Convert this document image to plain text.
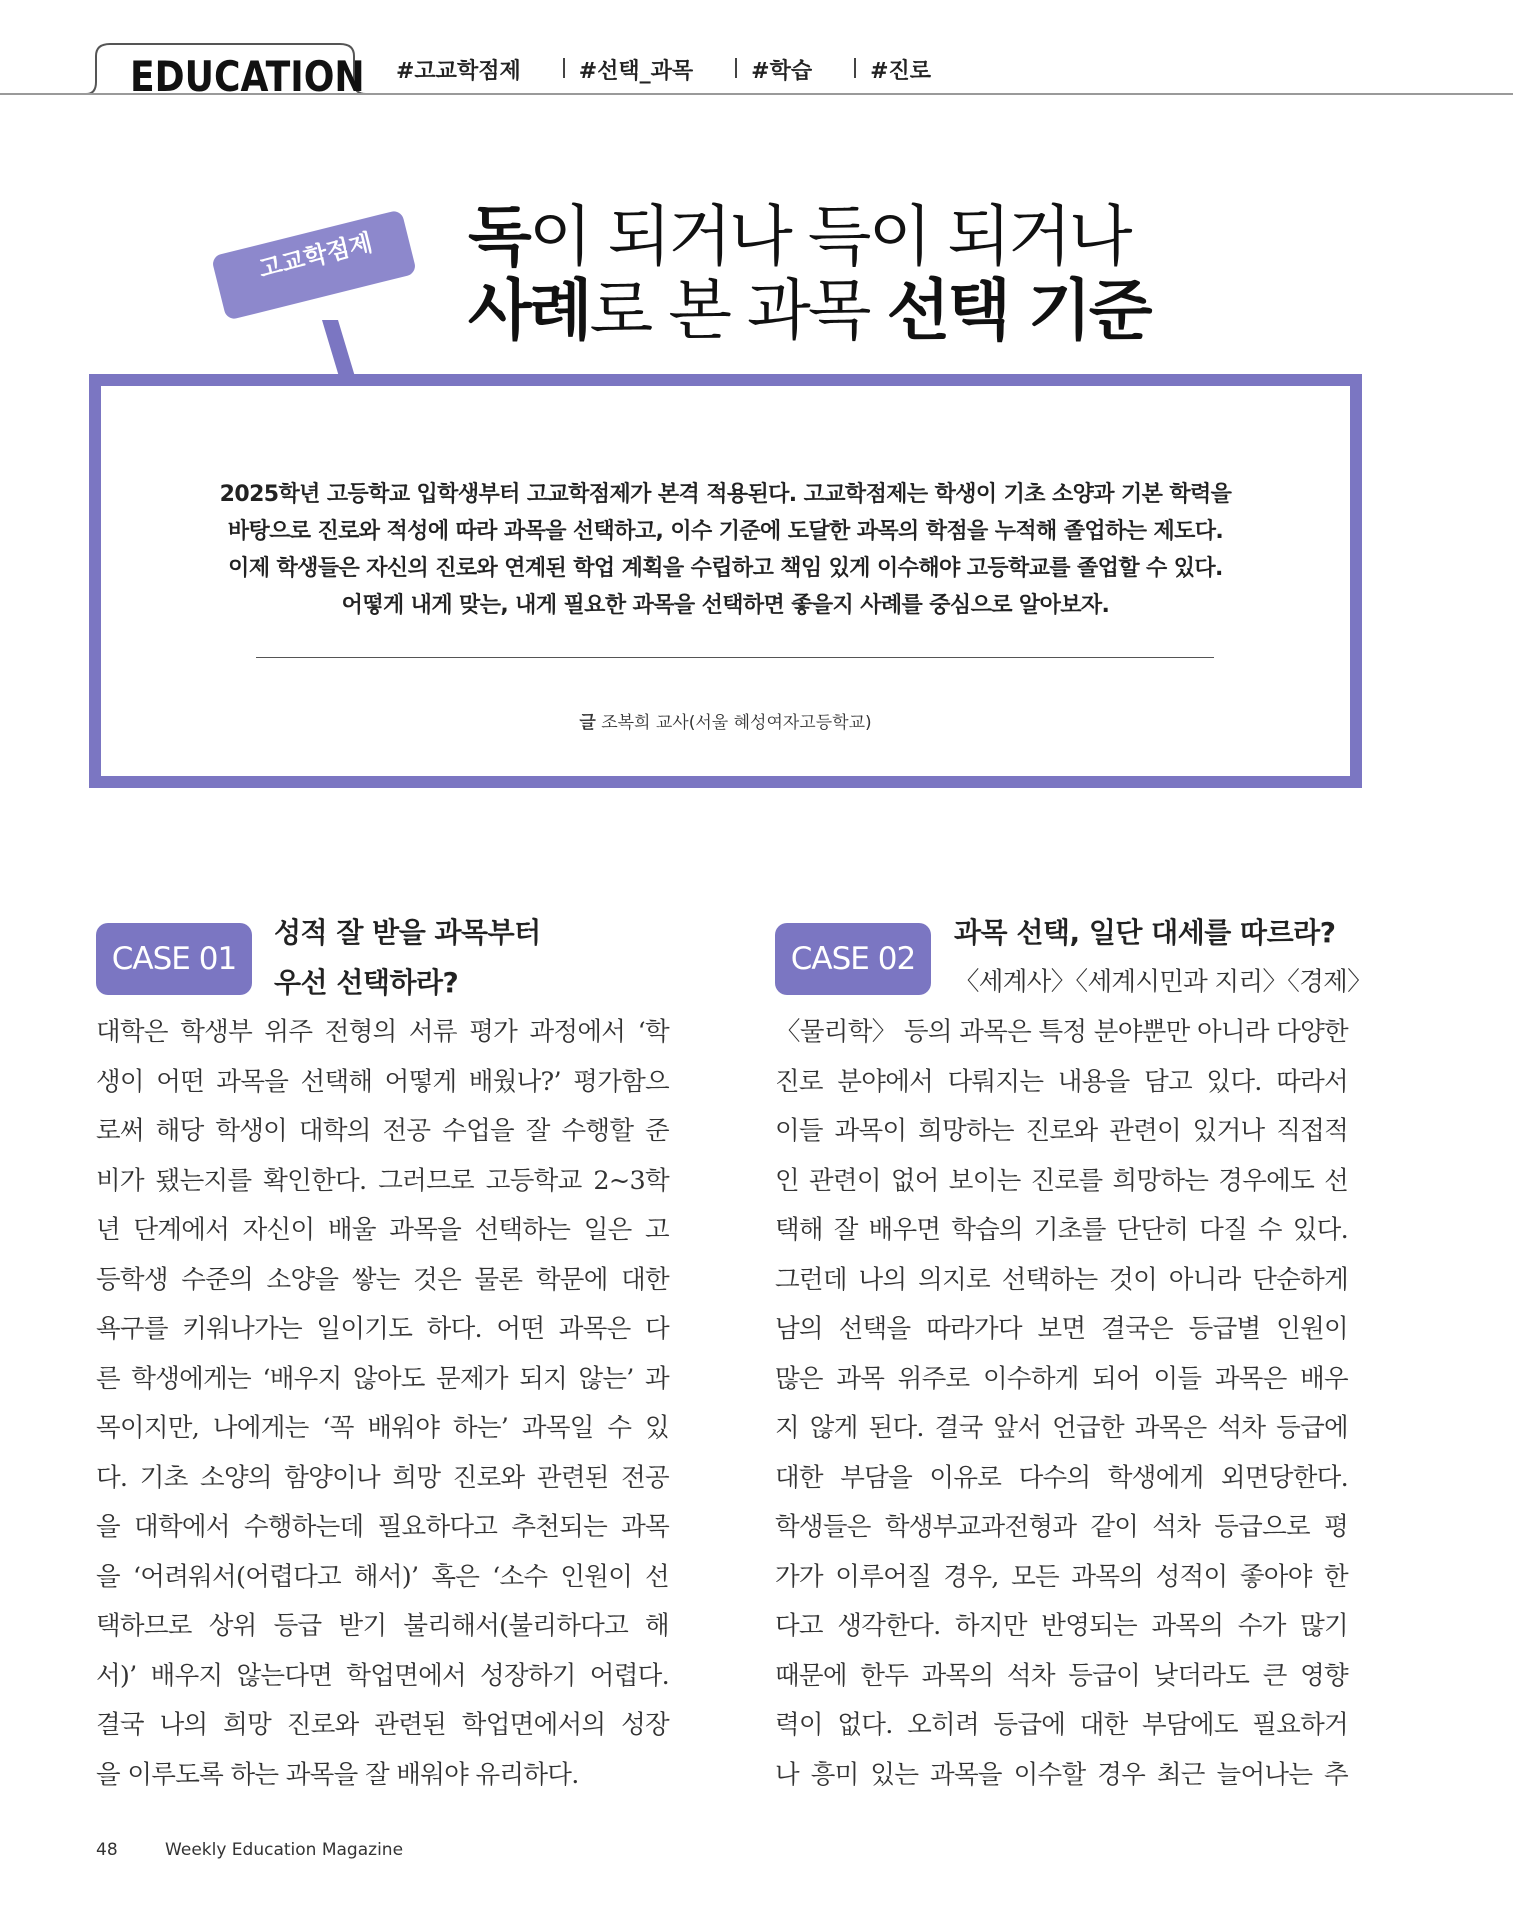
EDUCATION #고교학점제	#선택_과목	#학습	#진로
고교학점제	독이 되거나 득이 되거나
사례로 본 과목 선택 기준
2025학년 고등학교 입학생부터 고교학점제가 본격 적용된다. 고교학점제는 학생이 기초 소양과 기본 학력을
바탕으로 진로와 적성에 따라 과목을 선택하고, 이수 기준에 도달한 과목의 학점을 누적해 졸업하는 제도다.
이제 학생들은 자신의 진로와 연계된 학업 계획을 수립하고 책임 있게 이수해야 고등학교를 졸업할 수 있다.
어떻게 내게 맞는, 내게 필요한 과목을 선택하면 좋을지 사례를 중심으로 알아보자.
글 조복희 교사(서울 혜성여자고등학교)
CASE 01
성적 잘 받을 과목부터
우선 선택하라?
대학은 학생부 위주 전형의 서류 평가 과정에서 ‘학
생이 어떤 과목을 선택해 어떻게 배웠나?’ 평가함으
로써 해당 학생이 대학의 전공 수업을 잘 수행할 준
비가 됐는지를 확인한다. 그러므로 고등학교 2~3학
년 단계에서 자신이 배울 과목을 선택하는 일은 고
등학생 수준의 소양을 쌓는 것은 물론 학문에 대한
욕구를 키워나가는 일이기도 하다. 어떤 과목은 다
른 학생에게는 ‘배우지 않아도 문제가 되지 않는’ 과
목이지만, 나에게는 ‘꼭 배워야 하는’ 과목일 수 있
다. 기초 소양의 함양이나 희망 진로와 관련된 전공
을 대학에서 수행하는데 필요하다고 추천되는 과목
을 ‘어려워서(어렵다고 해서)’ 혹은 ‘소수 인원이 선
택하므로 상위 등급 받기 불리해서(불리하다고 해
서)’ 배우지 않는다면 학업면에서 성장하기 어렵다.
결국 나의 희망 진로와 관련된 학업면에서의 성장
을 이루도록 하는 과목을 잘 배워야 유리하다.
CASE 02
과목 선택, 일단 대세를 따르라?
〈세계사〉〈세계시민과 지리〉〈경제〉
〈물리학〉 등의 과목은 특정 분야뿐만 아니라 다양한
진로 분야에서 다뤄지는 내용을 담고 있다. 따라서
이들 과목이 희망하는 진로와 관련이 있거나 직접적
인 관련이 없어 보이는 진로를 희망하는 경우에도 선
택해 잘 배우면 학습의 기초를 단단히 다질 수 있다.
그런데 나의 의지로 선택하는 것이 아니라 단순하게
남의 선택을 따라가다 보면 결국은 등급별 인원이
많은 과목 위주로 이수하게 되어 이들 과목은 배우
지 않게 된다. 결국 앞서 언급한 과목은 석차 등급에
대한 부담을 이유로 다수의 학생에게 외면당한다.
학생들은 학생부교과전형과 같이 석차 등급으로 평
가가 이루어질 경우, 모든 과목의 성적이 좋아야 한
다고 생각한다. 하지만 반영되는 과목의 수가 많기
때문에 한두 과목의 석차 등급이 낮더라도 큰 영향
력이 없다. 오히려 등급에 대한 부담에도 필요하거
나 흥미 있는 과목을 이수할 경우 최근 늘어나는 추
48	Weekly Education Magazine
